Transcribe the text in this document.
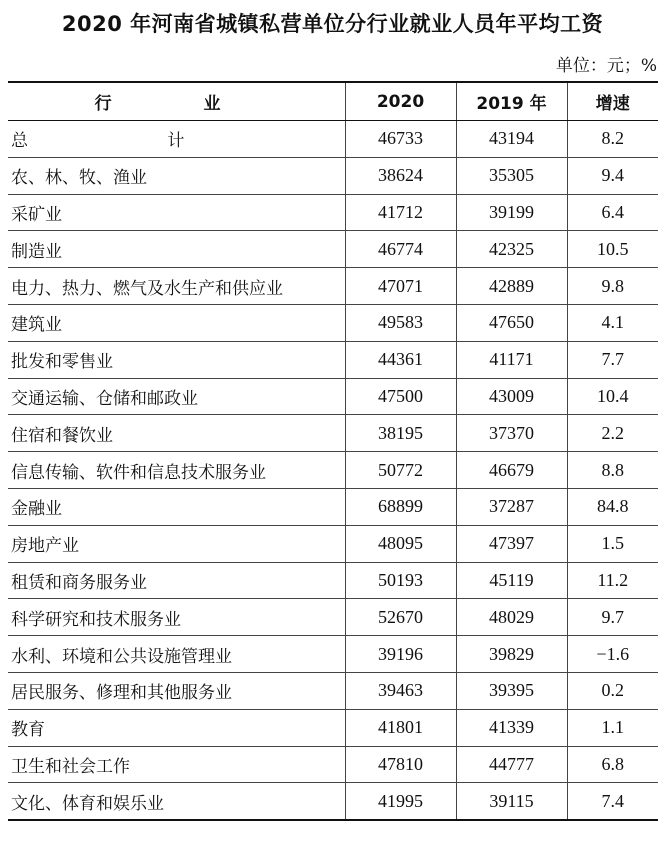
2020 年河南省城镇私营单位分行业就业人员年平均工资
单位：元；%
行　业	2020	2019 年	增速
总　计	46733	43194	8.2
农、林、牧、渔业	38624	35305	9.4
采矿业	41712	39199	6.4
制造业	46774	42325	10.5
电力、热力、燃气及水生产和供应业	47071	42889	9.8
建筑业	49583	47650	4.1
批发和零售业	44361	41171	7.7
交通运输、仓储和邮政业	47500	43009	10.4
住宿和餐饮业	38195	37370	2.2
信息传输、软件和信息技术服务业	50772	46679	8.8
金融业	68899	37287	84.8
房地产业	48095	47397	1.5
租赁和商务服务业	50193	45119	11.2
科学研究和技术服务业	52670	48029	9.7
水利、环境和公共设施管理业	39196	39829	−1.6
居民服务、修理和其他服务业	39463	39395	0.2
教育	41801	41339	1.1
卫生和社会工作	47810	44777	6.8
文化、体育和娱乐业	41995	39115	7.4
